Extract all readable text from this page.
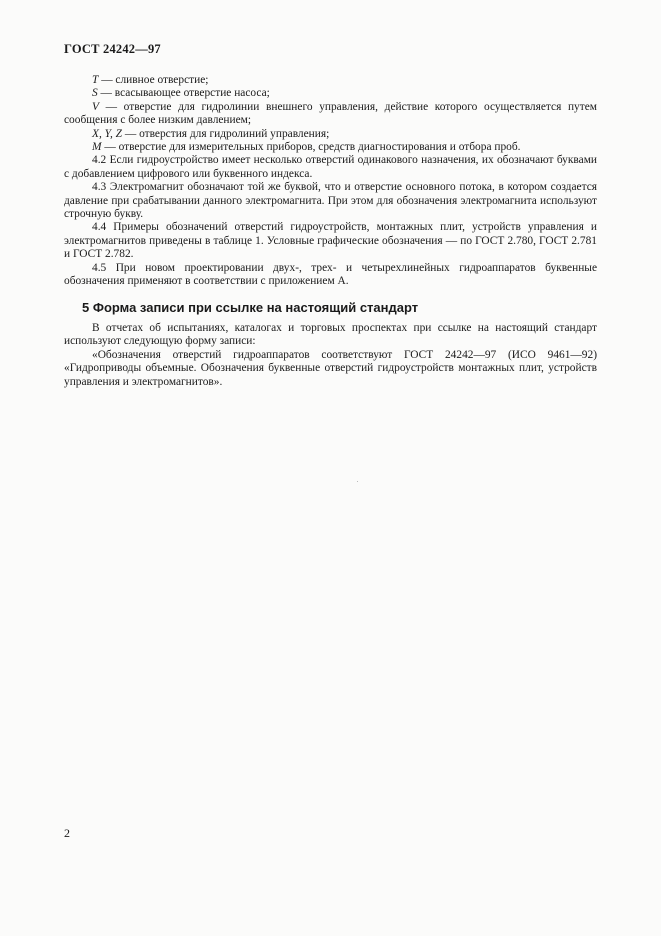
ГОСТ 24242—97

T — сливное отверстие;

S — всасывающее отверстие насоса;

V — отверстие для гидролинии внешнего управления, действие которого осуществляется путем сообщения с более низким давлением;

X, Y, Z — отверстия для гидролиний управления;

M — отверстие для измерительных приборов, средств диагностирования и отбора проб.

4.2 Если гидроустройство имеет несколько отверстий одинакового назначения, их обозначают буквами с добавлением цифрового или буквенного индекса.

4.3 Электромагнит обозначают той же буквой, что и отверстие основного потока, в котором создается давление при срабатывании данного электромагнита. При этом для обозначения электромагнита используют строчную букву.

4.4 Примеры обозначений отверстий гидроустройств, монтажных плит, устройств управления и электромагнитов приведены в таблице 1. Условные графические обозначения — по ГОСТ 2.780, ГОСТ 2.781 и ГОСТ 2.782.

4.5 При новом проектировании двух-, трех- и четырехлинейных гидроаппаратов буквенные обозначения применяют в соответствии с приложением А.

5 Форма записи при ссылке на настоящий стандарт

В отчетах об испытаниях, каталогах и торговых проспектах при ссылке на настоящий стандарт используют следующую форму записи:

«Обозначения отверстий гидроаппаратов соответствуют ГОСТ 24242—97 (ИСО 9461—92) «Гидроприводы объемные. Обозначения буквенные отверстий гидроустройств монтажных плит, устройств управления и электромагнитов».

2
